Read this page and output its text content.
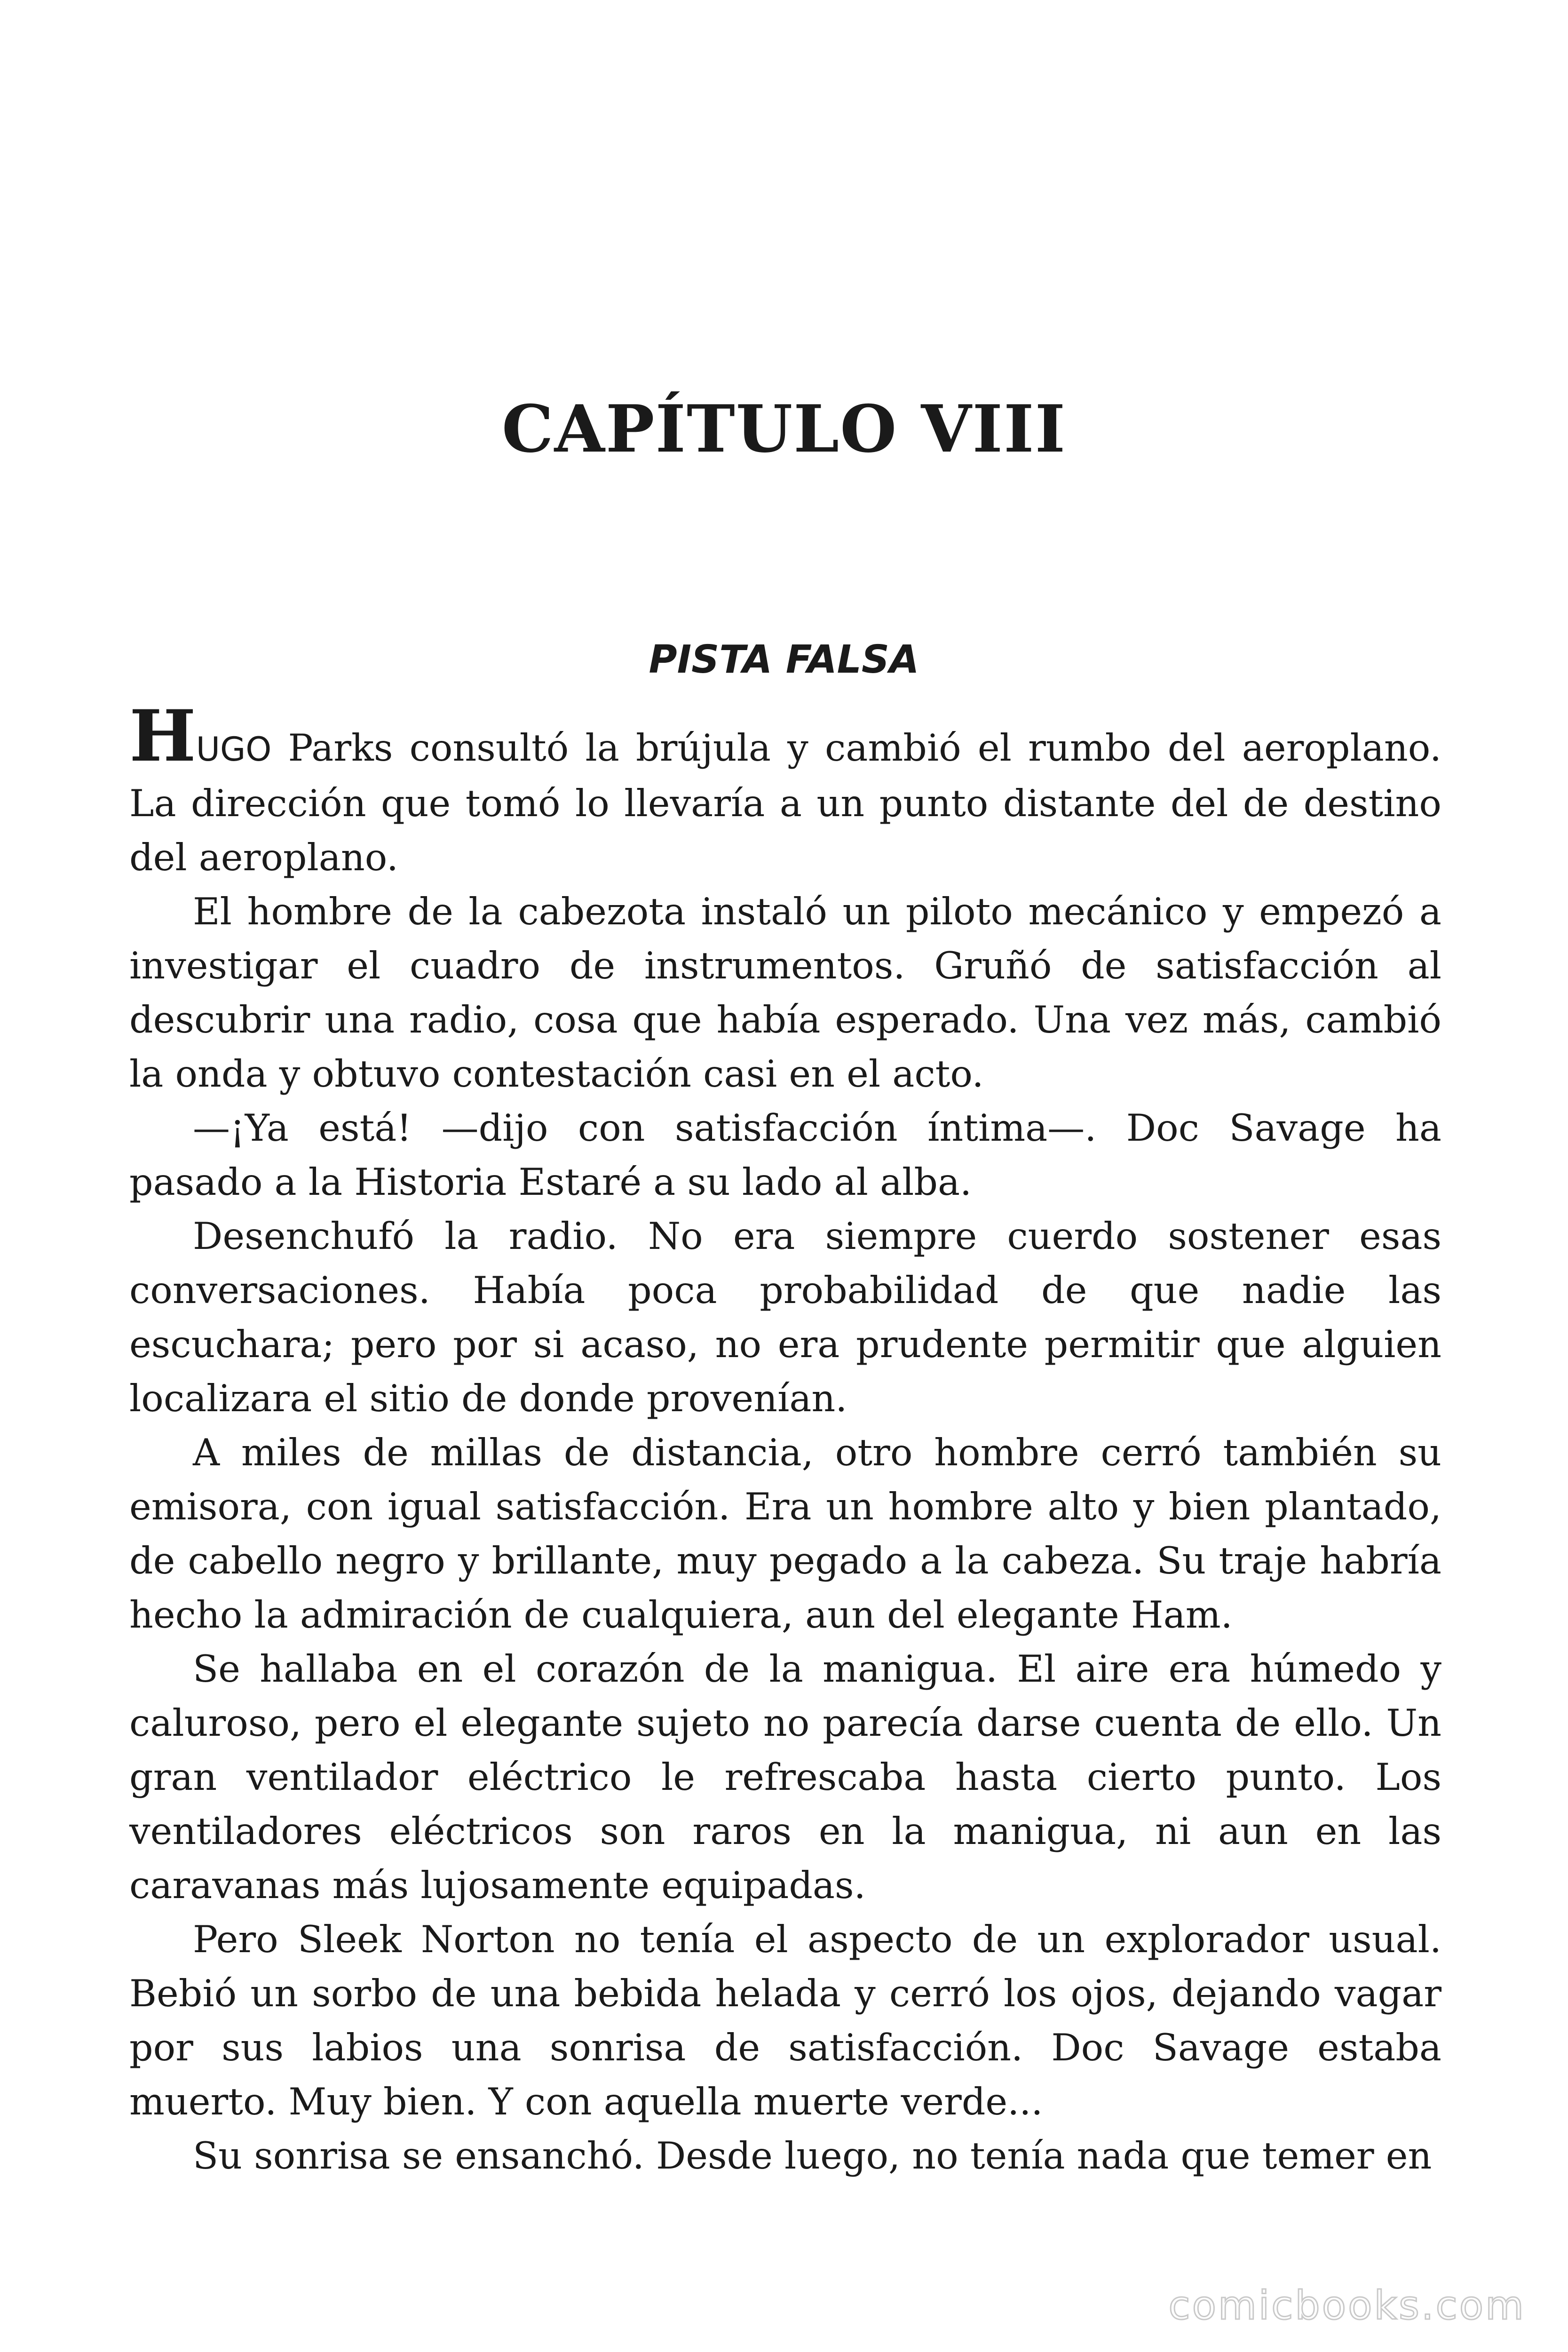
CAPÍTULO VIII
PISTA FALSA

HUGO Parks consultó la brújula y cambió el rumbo del aeroplano. La dirección que tomó lo llevaría a un punto distante del de destino del aeroplano.

El hombre de la cabezota instaló un piloto mecánico y empezó a investigar el cuadro de instrumentos. Gruñó de satisfacción al descubrir una radio, cosa que había esperado. Una vez más, cambió la onda y obtuvo contestación casi en el acto.

—¡Ya está! —dijo con satisfacción íntima—. Doc Savage ha pasado a la Historia Estaré a su lado al alba.

Desenchufó la radio. No era siempre cuerdo sostener esas conversaciones. Había poca probabilidad de que nadie las escuchara; pero por si acaso, no era prudente permitir que alguien localizara el sitio de donde provenían.

A miles de millas de distancia, otro hombre cerró también su emisora, con igual satisfacción. Era un hombre alto y bien plantado, de cabello negro y brillante, muy pegado a la cabeza. Su traje habría hecho la admiración de cualquiera, aun del elegante Ham.

Se hallaba en el corazón de la manigua. El aire era húmedo y caluroso, pero el elegante sujeto no parecía darse cuenta de ello. Un gran ventilador eléctrico le refrescaba hasta cierto punto. Los ventiladores eléctricos son raros en la manigua, ni aun en las caravanas más lujosamente equipadas.

Pero Sleek Norton no tenía el aspecto de un explorador usual. Bebió un sorbo de una bebida helada y cerró los ojos, dejando vagar por sus labios una sonrisa de satisfacción. Doc Savage estaba muerto. Muy bien. Y con aquella muerte verde...

Su sonrisa se ensanchó. Desde luego, no tenía nada que temer en

comicbooks.com
